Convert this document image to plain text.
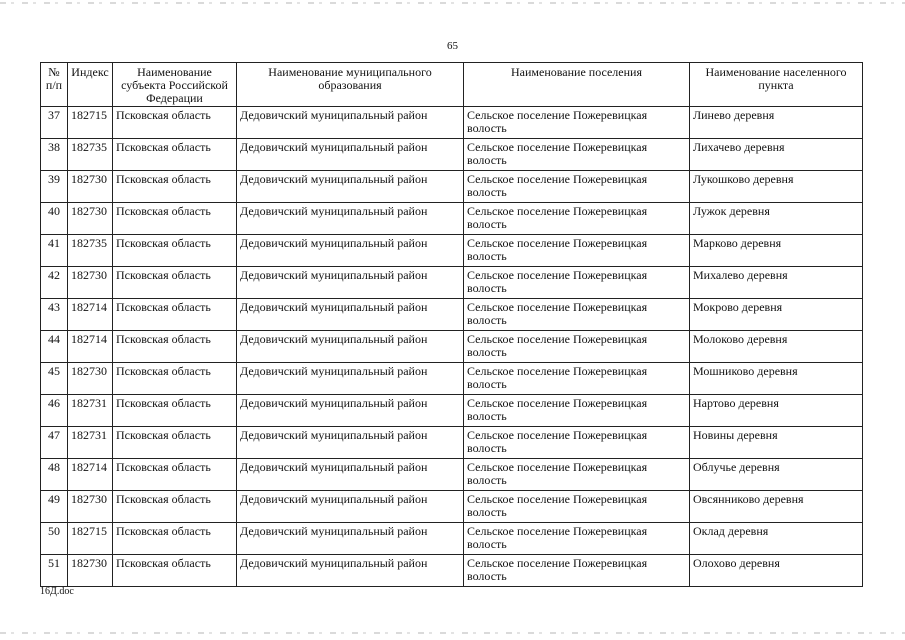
65
№ п/п	Индекс	Наименование субъекта Российской Федерации	Наименование муниципального образования	Наименование поселения	Наименование населенного пункта
37	182715	Псковская область	Дедовичский муниципальный район	Сельское поселение Пожеревицкая волость	Линево деревня
38	182735	Псковская область	Дедовичский муниципальный район	Сельское поселение Пожеревицкая волость	Лихачево деревня
39	182730	Псковская область	Дедовичский муниципальный район	Сельское поселение Пожеревицкая волость	Лукошково деревня
40	182730	Псковская область	Дедовичский муниципальный район	Сельское поселение Пожеревицкая волость	Лужок деревня
41	182735	Псковская область	Дедовичский муниципальный район	Сельское поселение Пожеревицкая волость	Марково деревня
42	182730	Псковская область	Дедовичский муниципальный район	Сельское поселение Пожеревицкая волость	Михалево деревня
43	182714	Псковская область	Дедовичский муниципальный район	Сельское поселение Пожеревицкая волость	Мокрово деревня
44	182714	Псковская область	Дедовичский муниципальный район	Сельское поселение Пожеревицкая волость	Молоково деревня
45	182730	Псковская область	Дедовичский муниципальный район	Сельское поселение Пожеревицкая волость	Мошниково деревня
46	182731	Псковская область	Дедовичский муниципальный район	Сельское поселение Пожеревицкая волость	Нартово деревня
47	182731	Псковская область	Дедовичский муниципальный район	Сельское поселение Пожеревицкая волость	Новины деревня
48	182714	Псковская область	Дедовичский муниципальный район	Сельское поселение Пожеревицкая волость	Облучье деревня
49	182730	Псковская область	Дедовичский муниципальный район	Сельское поселение Пожеревицкая волость	Овсянниково деревня
50	182715	Псковская область	Дедовичский муниципальный район	Сельское поселение Пожеревицкая волость	Оклад деревня
51	182730	Псковская область	Дедовичский муниципальный район	Сельское поселение Пожеревицкая волость	Олохово деревня
16Д.doc
